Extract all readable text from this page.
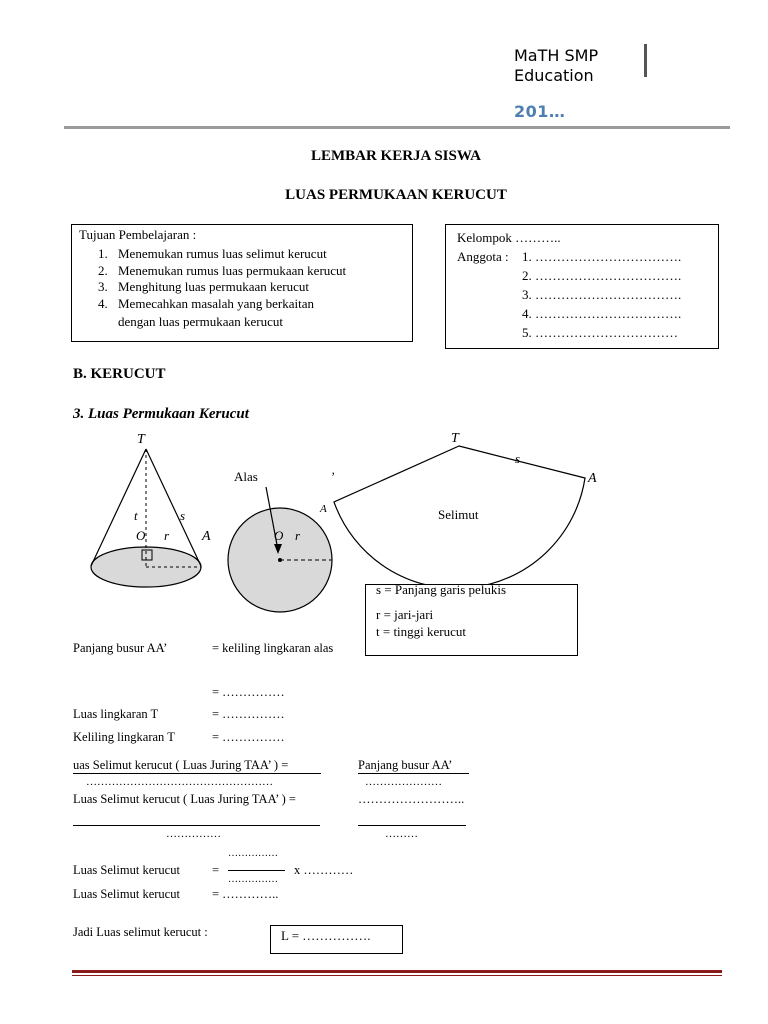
MaTH SMP
Education
201…
LEMBAR KERJA SISWA
LUAS PERMUKAAN KERUCUT
Tujuan Pembelajaran :
1. Menemukan rumus luas selimut kerucut
2. Menemukan rumus luas permukaan kerucut
3. Menghitung luas permukaan kerucut
4. Memecahkan masalah yang berkaitan
dengan luas permukaan kerucut
Kelompok ………..
Anggota : 1. …………………………….
2. …………………………….
3. …………………………….
4. …………………………….
5. ……………………………
B. KERUCUT
3. Luas Permukaan Kerucut
T
t	s
O r A
Alas
O r
’
T
s
A
A	Selimut
s = Panjang garis pelukis
r = jari-jari
t = tinggi kerucut
Panjang busur AA’	= keliling lingkaran alas
= ……………
Luas lingkaran T	= ……………
Keliling lingkaran T	= ……………
uas Selimut kerucut ( Luas Juring TAA’ ) =	Panjang busur AA’
……………………………………………	…………………
Luas Selimut kerucut ( Luas Juring TAA’ ) =	……………………..
……………	………
……………
……………
Luas Selimut kerucut	=	x …………
Luas Selimut kerucut	= …………..
Jadi Luas selimut kerucut :	L = …………….
